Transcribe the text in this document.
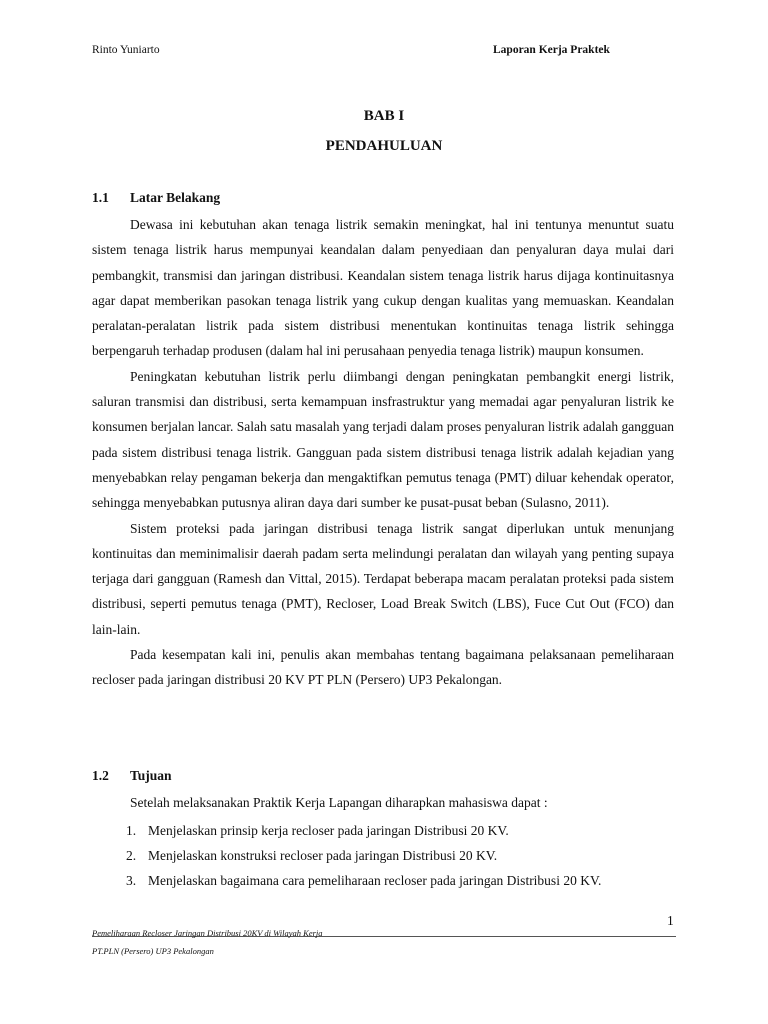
Rinto Yuniarto	Laporan Kerja Praktek
BAB I
PENDAHULUAN
1.1 Latar Belakang

Dewasa ini kebutuhan akan tenaga listrik semakin meningkat, hal ini tentunya menuntut suatu sistem tenaga listrik harus mempunyai keandalan dalam penyediaan dan penyaluran daya mulai dari pembangkit, transmisi dan jaringan distribusi. Keandalan sistem tenaga listrik harus dijaga kontinuitasnya agar dapat memberikan pasokan tenaga listrik yang cukup dengan kualitas yang memuaskan. Keandalan peralatan-peralatan listrik pada sistem distribusi menentukan kontinuitas tenaga listrik sehingga berpengaruh terhadap produsen (dalam hal ini perusahaan penyedia tenaga listrik) maupun konsumen.

Peningkatan kebutuhan listrik perlu diimbangi dengan peningkatan pembangkit energi listrik, saluran transmisi dan distribusi, serta kemampuan insfrastruktur yang memadai agar penyaluran listrik ke konsumen berjalan lancar. Salah satu masalah yang terjadi dalam proses penyaluran listrik adalah gangguan pada sistem distribusi tenaga listrik. Gangguan pada sistem distribusi tenaga listrik adalah kejadian yang menyebabkan relay pengaman bekerja dan mengaktifkan pemutus tenaga (PMT) diluar kehendak operator, sehingga menyebabkan putusnya aliran daya dari sumber ke pusat-pusat beban (Sulasno, 2011).

Sistem proteksi pada jaringan distribusi tenaga listrik sangat diperlukan untuk menunjang kontinuitas dan meminimalisir daerah padam serta melindungi peralatan dan wilayah yang penting supaya terjaga dari gangguan (Ramesh dan Vittal, 2015). Terdapat beberapa macam peralatan proteksi pada sistem distribusi, seperti pemutus tenaga (PMT), Recloser, Load Break Switch (LBS), Fuce Cut Out (FCO) dan lain-lain.

Pada kesempatan kali ini, penulis akan membahas tentang bagaimana pelaksanaan pemeliharaan recloser pada jaringan distribusi 20 KV PT PLN (Persero) UP3 Pekalongan.

1.2 Tujuan
Setelah melaksanakan Praktik Kerja Lapangan diharapkan mahasiswa dapat :
1. Menjelaskan prinsip kerja recloser pada jaringan Distribusi 20 KV.
2. Menjelaskan konstruksi recloser pada jaringan Distribusi 20 KV.
3. Menjelaskan bagaimana cara pemeliharaan recloser pada jaringan Distribusi 20 KV.
1
Pemeliharaan Recloser Jaringan Distribusi 20KV di Wilayah Kerja
PT.PLN (Persero) UP3 Pekalongan
